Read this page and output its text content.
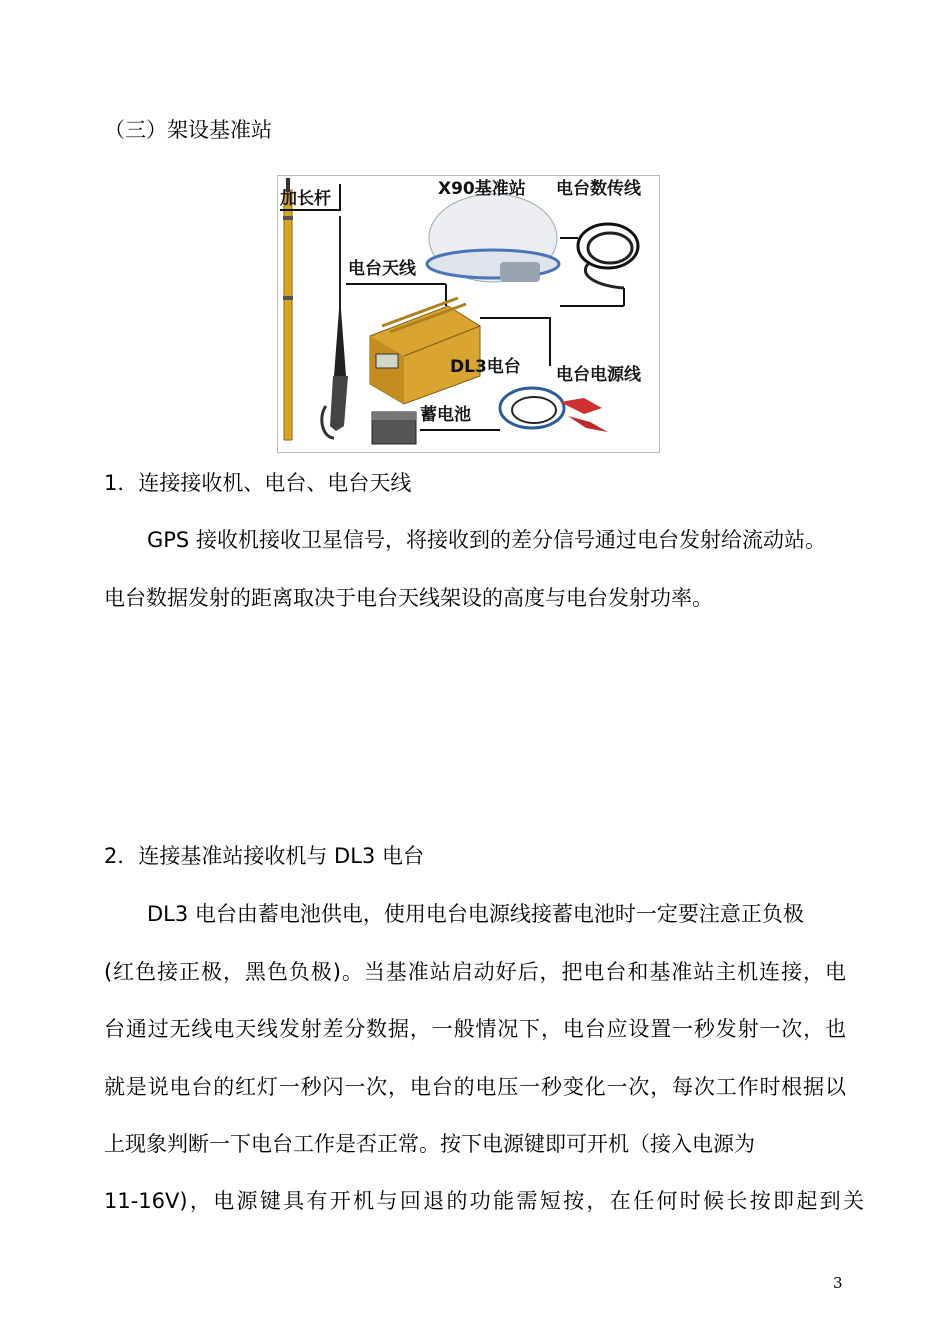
（三）架设基准站
加长杆
电台天线
X90基准站 电台数传线
DL3电台 电台电源线
蓄电池
1．连接接收机、电台、电台天线
GPS 接收机接收卫星信号，将接收到的差分信号通过电台发射给流动站。
电台数据发射的距离取决于电台天线架设的高度与电台发射功率。
2．连接基准站接收机与 DL3 电台
DL3 电台由蓄电池供电，使用电台电源线接蓄电池时一定要注意正负极
(红色接正极，黑色负极)。当基准站启动好后，把电台和基准站主机连接，电
台通过无线电天线发射差分数据，一般情况下，电台应设置一秒发射一次，也
就是说电台的红灯一秒闪一次，电台的电压一秒变化一次，每次工作时根据以
上现象判断一下电台工作是否正常。按下电源键即可开机（接入电源为
11-16V)，电源键具有开机与回退的功能需短按，在任何时候长按即起到关
3
